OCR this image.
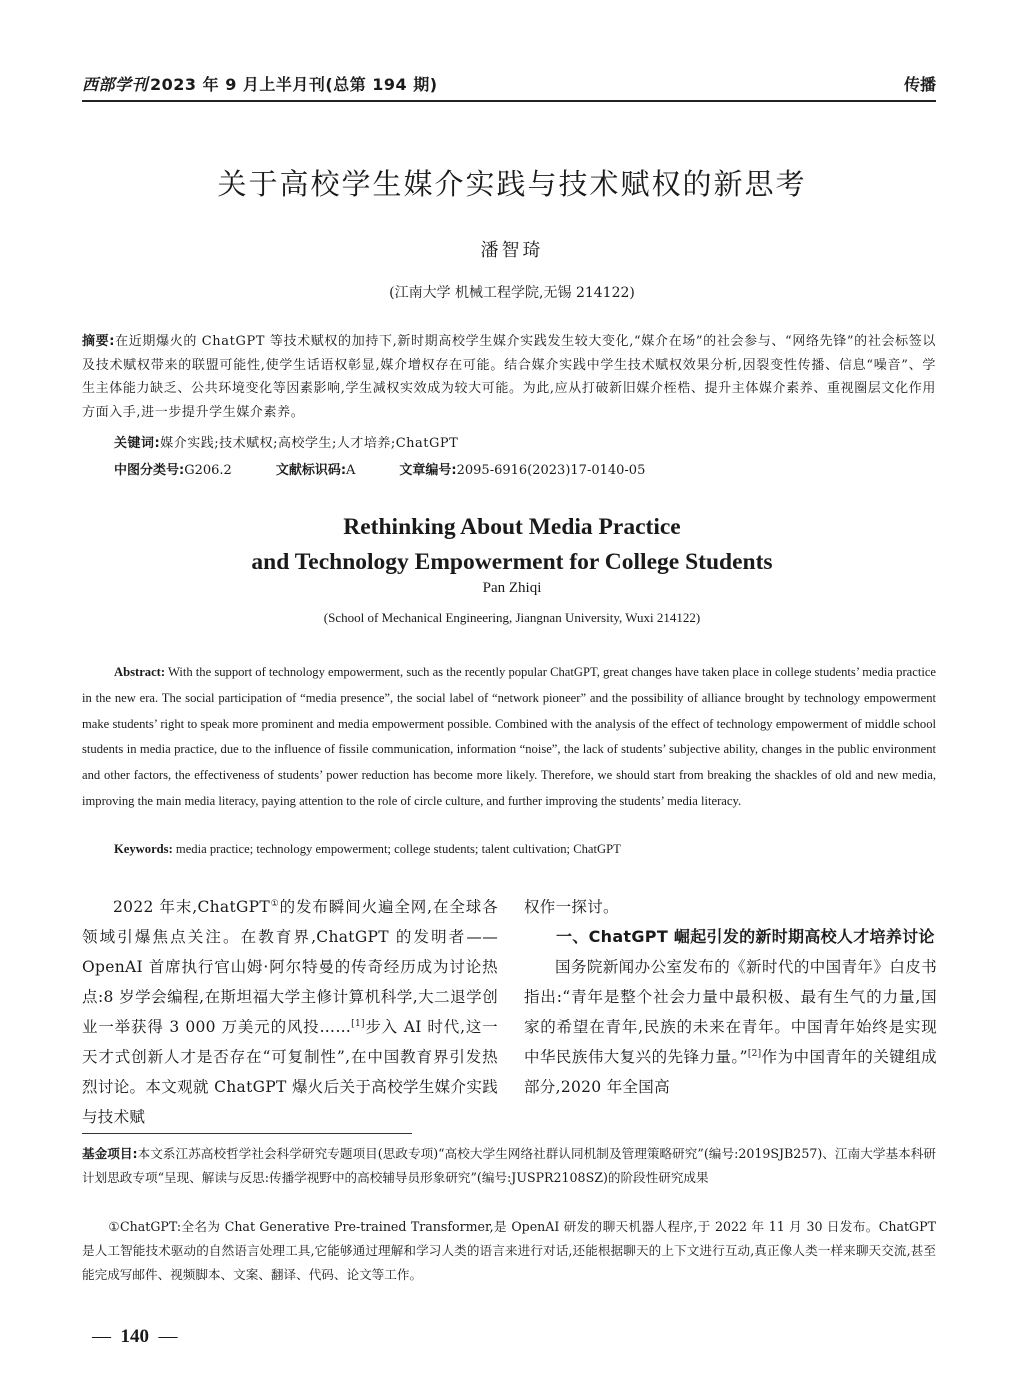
西部学刊 2023 年 9 月上半月刊(总第 194 期)	传播
关于高校学生媒介实践与技术赋权的新思考
潘智琦
(江南大学 机械工程学院,无锡 214122)
摘要:在近期爆火的 ChatGPT 等技术赋权的加持下,新时期高校学生媒介实践发生较大变化,“媒介在场”的社会参与、“网络先锋”的社会标签以及技术赋权带来的联盟可能性,使学生话语权彰显,媒介增权存在可能。结合媒介实践中学生技术赋权效果分析,因裂变性传播、信息“噪音”、学生主体能力缺乏、公共环境变化等因素影响,学生减权实效成为较大可能。为此,应从打破新旧媒介桎梏、提升主体媒介素养、重视圈层文化作用方面入手,进一步提升学生媒介素养。
关键词:媒介实践;技术赋权;高校学生;人才培养;ChatGPT
中图分类号:G206.2	文献标识码:A	文章编号:2095-6916(2023)17-0140-05
Rethinking About Media Practice
and Technology Empowerment for College Students
Pan Zhiqi
(School of Mechanical Engineering, Jiangnan University, Wuxi 214122)
Abstract: With the support of technology empowerment, such as the recently popular ChatGPT, great changes have taken place in college students’ media practice in the new era. The social participation of “media presence”, the social label of “network pioneer” and the possibility of alliance brought by technology empowerment make students’ right to speak more prominent and media empowerment possible. Combined with the analysis of the effect of technology empowerment of middle school students in media practice, due to the influence of fissile communication, information “noise”, the lack of students’ subjective ability, changes in the public environment and other factors, the effectiveness of students’ power reduction has become more likely. Therefore, we should start from breaking the shackles of old and new media, improving the main media literacy, paying attention to the role of circle culture, and further improving the students’ media literacy.
Keywords: media practice; technology empowerment; college students; talent cultivation; ChatGPT

2022 年末,ChatGPT①的发布瞬间火遍全网,在全球各领域引爆焦点关注。在教育界,ChatGPT 的发明者——OpenAI 首席执行官山姆·阿尔特曼的传奇经历成为讨论热点:8 岁学会编程,在斯坦福大学主修计算机科学,大二退学创业一举获得 3 000 万美元的风投……[1]步入 AI 时代,这一天才式创新人才是否存在“可复制性”,在中国教育界引发热烈讨论。本文观就 ChatGPT 爆火后关于高校学生媒介实践与技术赋

权作一探讨。

一、ChatGPT 崛起引发的新时期高校人才培养讨论

国务院新闻办公室发布的《新时代的中国青年》白皮书指出:“青年是整个社会力量中最积极、最有生气的力量,国家的希望在青年,民族的未来在青年。中国青年始终是实现中华民族伟大复兴的先锋力量。”[2]作为中国青年的关键组成部分,2020 年全国高

基金项目:本文系江苏高校哲学社会科学研究专题项目(思政专项)“高校大学生网络社群认同机制及管理策略研究”(编号:2019SJB257)、江南大学基本科研计划思政专项“呈现、解读与反思:传播学视野中的高校辅导员形象研究”(编号:JUSPR2108SZ)的阶段性研究成果
①ChatGPT:全名为 Chat Generative Pre-trained Transformer,是 OpenAI 研发的聊天机器人程序,于 2022 年 11 月 30 日发布。ChatGPT 是人工智能技术驱动的自然语言处理工具,它能够通过理解和学习人类的语言来进行对话,还能根据聊天的上下文进行互动,真正像人类一样来聊天交流,甚至能完成写邮件、视频脚本、文案、翻译、代码、论文等工作。
— 140 —
